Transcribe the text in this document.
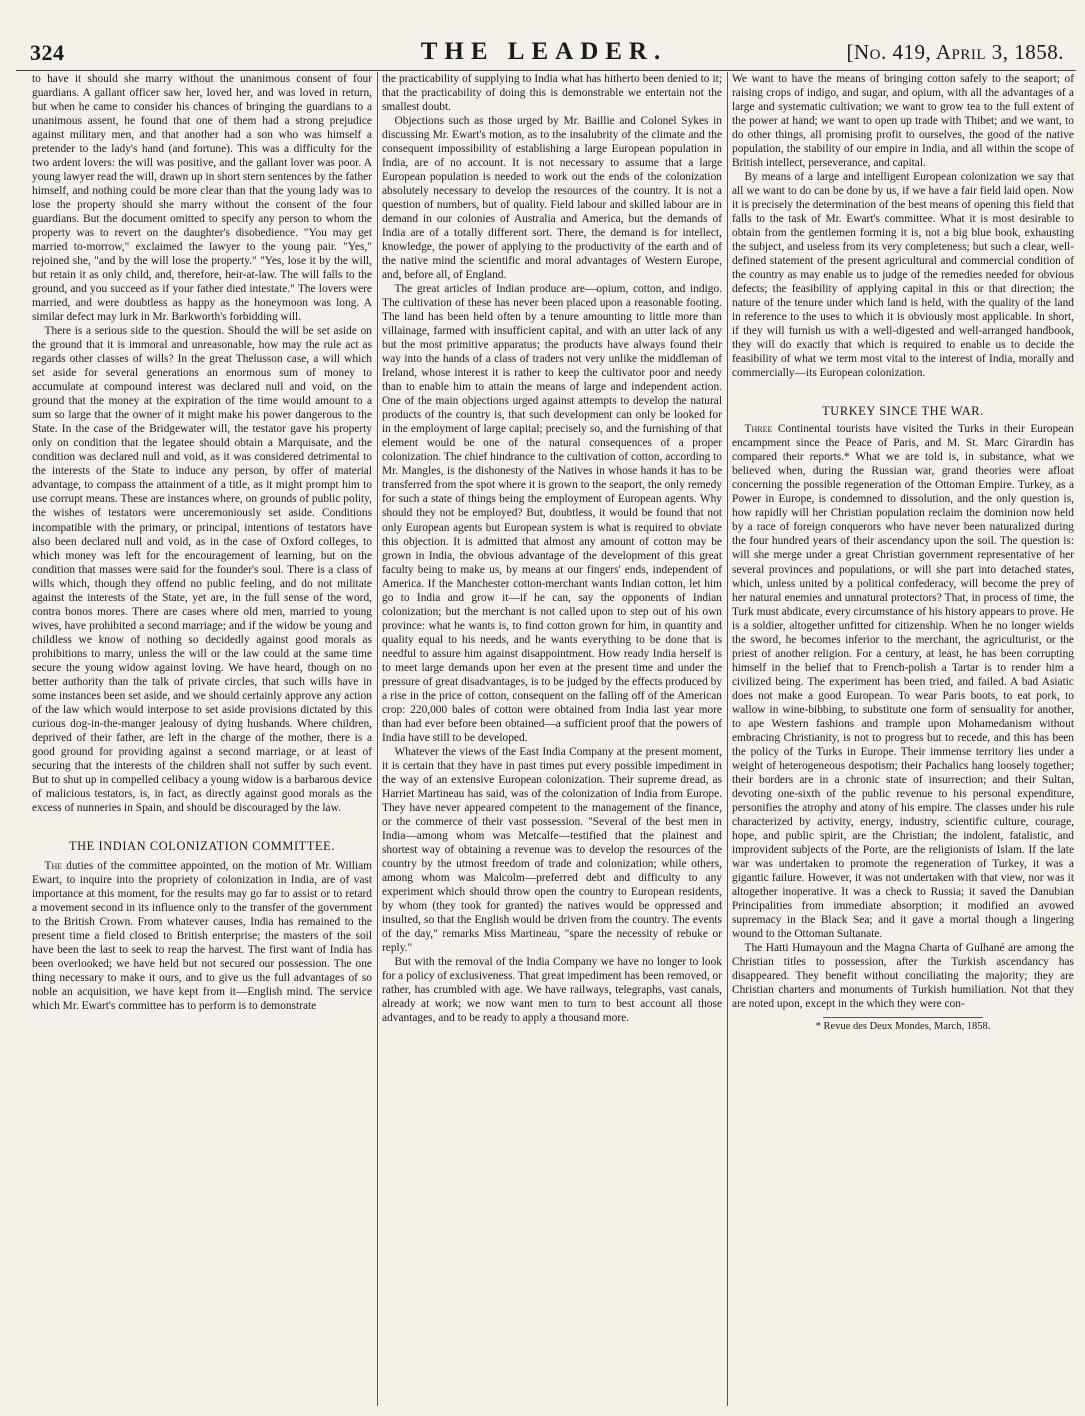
324	THE LEADER.	[No. 419, April 3, 1858.

to have it should she marry without the unanimous consent of four guardians. A gallant officer saw her, loved her, and was loved in return, but when he came to consider his chances of bringing the guardians to a unanimous assent, he found that one of them had a strong prejudice against military men, and that another had a son who was himself a pretender to the lady's hand (and fortune). This was a difficulty for the two ardent lovers: the will was positive, and the gallant lover was poor. A young lawyer read the will, drawn up in short stern sentences by the father himself, and nothing could be more clear than that the young lady was to lose the property should she marry without the consent of the four guardians. But the document omitted to specify any person to whom the property was to revert on the daughter's disobedience. "You may get married to-morrow," exclaimed the lawyer to the young pair. "Yes," rejoined she, "and by the will lose the property." "Yes, lose it by the will, but retain it as only child, and, therefore, heir-at-law. The will falls to the ground, and you succeed as if your father died intestate." The lovers were married, and were doubtless as happy as the honeymoon was long. A similar defect may lurk in Mr. Barkworth's forbidding will.

There is a serious side to the question. Should the will be set aside on the ground that it is immoral and unreasonable, how may the rule act as regards other classes of wills? In the great Thelusson case, a will which set aside for several generations an enormous sum of money to accumulate at compound interest was declared null and void, on the ground that the money at the expiration of the time would amount to a sum so large that the owner of it might make his power dangerous to the State. In the case of the Bridgewater will, the testator gave his property only on condition that the legatee should obtain a Marquisate, and the condition was declared null and void, as it was considered detrimental to the interests of the State to induce any person, by offer of material advantage, to compass the attainment of a title, as it might prompt him to use corrupt means. These are instances where, on grounds of public polity, the wishes of testators were unceremoniously set aside. Conditions incompatible with the primary, or principal, intentions of testators have also been declared null and void, as in the case of Oxford colleges, to which money was left for the encouragement of learning, but on the condition that masses were said for the founder's soul. There is a class of wills which, though they offend no public feeling, and do not militate against the interests of the State, yet are, in the full sense of the word, contra bonos mores. There are cases where old men, married to young wives, have prohibited a second marriage; and if the widow be young and childless we know of nothing so decidedly against good morals as prohibitions to marry, unless the will or the law could at the same time secure the young widow against loving. We have heard, though on no better authority than the talk of private circles, that such wills have in some instances been set aside, and we should certainly approve any action of the law which would interpose to set aside provisions dictated by this curious dog-in-the-manger jealousy of dying husbands. Where children, deprived of their father, are left in the charge of the mother, there is a good ground for providing against a second marriage, or at least of securing that the interests of the children shall not suffer by such event. But to shut up in compelled celibacy a young widow is a barbarous device of malicious testators, is, in fact, as directly against good morals as the excess of nunneries in Spain, and should be discouraged by the law.

THE INDIAN COLONIZATION COMMITTEE.

The duties of the committee appointed, on the motion of Mr. William Ewart, to inquire into the propriety of colonization in India, are of vast importance at this moment, for the results may go far to assist or to retard a movement second in its influence only to the transfer of the government to the British Crown. From whatever causes, India has remained to the present time a field closed to British enterprise; the masters of the soil have been the last to seek to reap the harvest. The first want of India has been overlooked; we have held but not secured our possession. The one thing necessary to make it ours, and to give us the full advantages of so noble an acquisition, we have kept from it—English mind. The service which Mr. Ewart's committee has to perform is to demonstrate

the practicability of supplying to India what has hitherto been denied to it; that the practicability of doing this is demonstrable we entertain not the smallest doubt.

Objections such as those urged by Mr. Baillie and Colonel Sykes in discussing Mr. Ewart's motion, as to the insalubrity of the climate and the consequent impossibility of establishing a large European population in India, are of no account. It is not necessary to assume that a large European population is needed to work out the ends of the colonization absolutely necessary to develop the resources of the country. It is not a question of numbers, but of quality. Field labour and skilled labour are in demand in our colonies of Australia and America, but the demands of India are of a totally different sort. There, the demand is for intellect, knowledge, the power of applying to the productivity of the earth and of the native mind the scientific and moral advantages of Western Europe, and, before all, of England.

The great articles of Indian produce are—opium, cotton, and indigo. The cultivation of these has never been placed upon a reasonable footing. The land has been held often by a tenure amounting to little more than villainage, farmed with insufficient capital, and with an utter lack of any but the most primitive apparatus; the products have always found their way into the hands of a class of traders not very unlike the middleman of Ireland, whose interest it is rather to keep the cultivator poor and needy than to enable him to attain the means of large and independent action. One of the main objections urged against attempts to develop the natural products of the country is, that such development can only be looked for in the employment of large capital; precisely so, and the furnishing of that element would be one of the natural consequences of a proper colonization. The chief hindrance to the cultivation of cotton, according to Mr. Mangles, is the dishonesty of the Natives in whose hands it has to be transferred from the spot where it is grown to the seaport, the only remedy for such a state of things being the employment of European agents. Why should they not be employed? But, doubtless, it would be found that not only European agents but European system is what is required to obviate this objection. It is admitted that almost any amount of cotton may be grown in India, the obvious advantage of the development of this great faculty being to make us, by means at our fingers' ends, independent of America. If the Manchester cotton-merchant wants Indian cotton, let him go to India and grow it—if he can, say the opponents of Indian colonization; but the merchant is not called upon to step out of his own province: what he wants is, to find cotton grown for him, in quantity and quality equal to his needs, and he wants everything to be done that is needful to assure him against disappointment. How ready India herself is to meet large demands upon her even at the present time and under the pressure of great disadvantages, is to be judged by the effects produced by a rise in the price of cotton, consequent on the falling off of the American crop: 220,000 bales of cotton were obtained from India last year more than had ever before been obtained—a sufficient proof that the powers of India have still to be developed.

Whatever the views of the East India Company at the present moment, it is certain that they have in past times put every possible impediment in the way of an extensive European colonization. Their supreme dread, as Harriet Martineau has said, was of the colonization of India from Europe. They have never appeared competent to the management of the finance, or the commerce of their vast possession. "Several of the best men in India—among whom was Metcalfe—testified that the plainest and shortest way of obtaining a revenue was to develop the resources of the country by the utmost freedom of trade and colonization; while others, among whom was Malcolm—preferred debt and difficulty to any experiment which should throw open the country to European residents, by whom (they took for granted) the natives would be oppressed and insulted, so that the English would be driven from the country. The events of the day," remarks Miss Martineau, "spare the necessity of rebuke or reply."

But with the removal of the India Company we have no longer to look for a policy of exclusiveness. That great impediment has been removed, or rather, has crumbled with age. We have railways, telegraphs, vast canals, already at work; we now want men to turn to best account all those advantages, and to be ready to apply a thousand more.

We want to have the means of bringing cotton safely to the seaport; of raising crops of indigo, and sugar, and opium, with all the advantages of a large and systematic cultivation; we want to grow tea to the full extent of the power at hand; we want to open up trade with Thibet; and we want, to do other things, all promising profit to ourselves, the good of the native population, the stability of our empire in India, and all within the scope of British intellect, perseverance, and capital.

By means of a large and intelligent European colonization we say that all we want to do can be done by us, if we have a fair field laid open. Now it is precisely the determination of the best means of opening this field that falls to the task of Mr. Ewart's committee. What it is most desirable to obtain from the gentlemen forming it is, not a big blue book, exhausting the subject, and useless from its very completeness; but such a clear, well-defined statement of the present agricultural and commercial condition of the country as may enable us to judge of the remedies needed for obvious defects; the feasibility of applying capital in this or that direction; the nature of the tenure under which land is held, with the quality of the land in reference to the uses to which it is obviously most applicable. In short, if they will furnish us with a well-digested and well-arranged handbook, they will do exactly that which is required to enable us to decide the feasibility of what we term most vital to the interest of India, morally and commercially—its European colonization.

TURKEY SINCE THE WAR.

Three Continental tourists have visited the Turks in their European encampment since the Peace of Paris, and M. St. Marc Girardin has compared their reports.* What we are told is, in substance, what we believed when, during the Russian war, grand theories were afloat concerning the possible regeneration of the Ottoman Empire. Turkey, as a Power in Europe, is condemned to dissolution, and the only question is, how rapidly will her Christian population reclaim the dominion now held by a race of foreign conquerors who have never been naturalized during the four hundred years of their ascendancy upon the soil. The question is: will she merge under a great Christian government representative of her several provinces and populations, or will she part into detached states, which, unless united by a political confederacy, will become the prey of her natural enemies and unnatural protectors? That, in process of time, the Turk must abdicate, every circumstance of his history appears to prove. He is a soldier, altogether unfitted for citizenship. When he no longer wields the sword, he becomes inferior to the merchant, the agriculturist, or the priest of another religion. For a century, at least, he has been corrupting himself in the belief that to French-polish a Tartar is to render him a civilized being. The experiment has been tried, and failed. A bad Asiatic does not make a good European. To wear Paris boots, to eat pork, to wallow in wine-bibbing, to substitute one form of sensuality for another, to ape Western fashions and trample upon Mohamedanism without embracing Christianity, is not to progress but to recede, and this has been the policy of the Turks in Europe. Their immense territory lies under a weight of heterogeneous despotism; their Pachalics hang loosely together; their borders are in a chronic state of insurrection; and their Sultan, devoting one-sixth of the public revenue to his personal expenditure, personifies the atrophy and atony of his empire. The classes under his rule characterized by activity, energy, industry, scientific culture, courage, hope, and public spirit, are the Christian; the indolent, fatalistic, and improvident subjects of the Porte, are the religionists of Islam. If the late war was undertaken to promote the regeneration of Turkey, it was a gigantic failure. However, it was not undertaken with that view, nor was it altogether inoperative. It was a check to Russia; it saved the Danubian Principalities from immediate absorption; it modified an avowed supremacy in the Black Sea; and it gave a mortal though a lingering wound to the Ottoman Sultanate.

The Hatti Humayoun and the Magna Charta of Gulhané are among the Christian titles to possession, after the Turkish ascendancy has disappeared. They benefit without conciliating the majority; they are Christian charters and monuments of Turkish humiliation. Not that they are noted upon, except in the which they were con-

* Revue des Deux Mondes, March, 1858.
